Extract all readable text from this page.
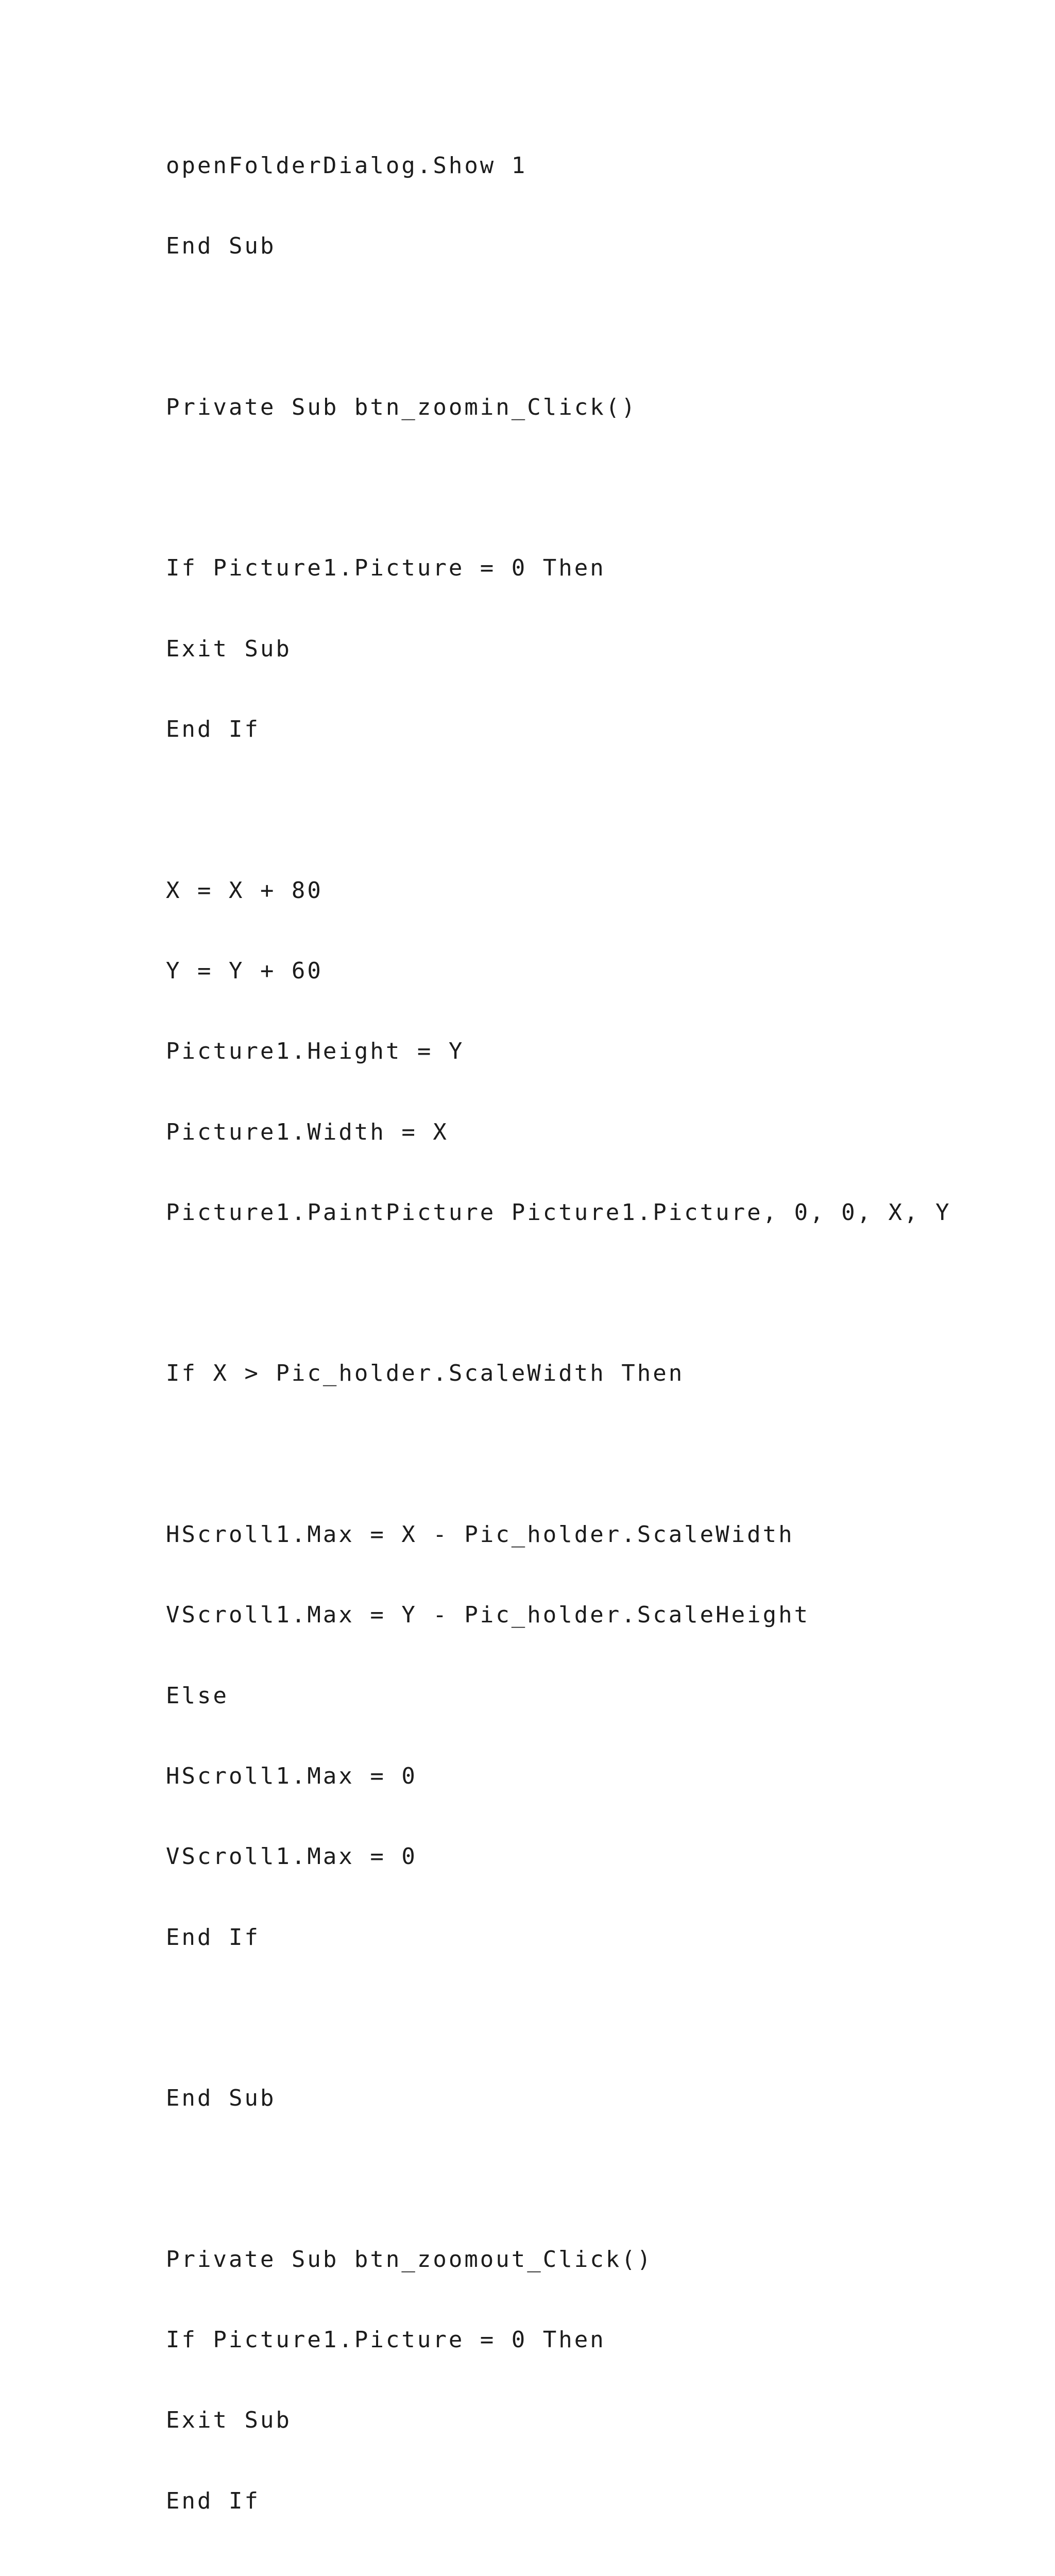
openFolderDialog.Show 1

End Sub

Private Sub btn_zoomin_Click()

If Picture1.Picture = 0 Then

Exit Sub

End If

X = X + 80

Y = Y + 60

Picture1.Height = Y

Picture1.Width = X

Picture1.PaintPicture Picture1.Picture, 0, 0, X, Y

If X > Pic_holder.ScaleWidth Then

HScroll1.Max = X - Pic_holder.ScaleWidth

VScroll1.Max = Y - Pic_holder.ScaleHeight

Else

HScroll1.Max = 0

VScroll1.Max = 0

End If

End Sub

Private Sub btn_zoomout_Click()

If Picture1.Picture = 0 Then

Exit Sub

End If
